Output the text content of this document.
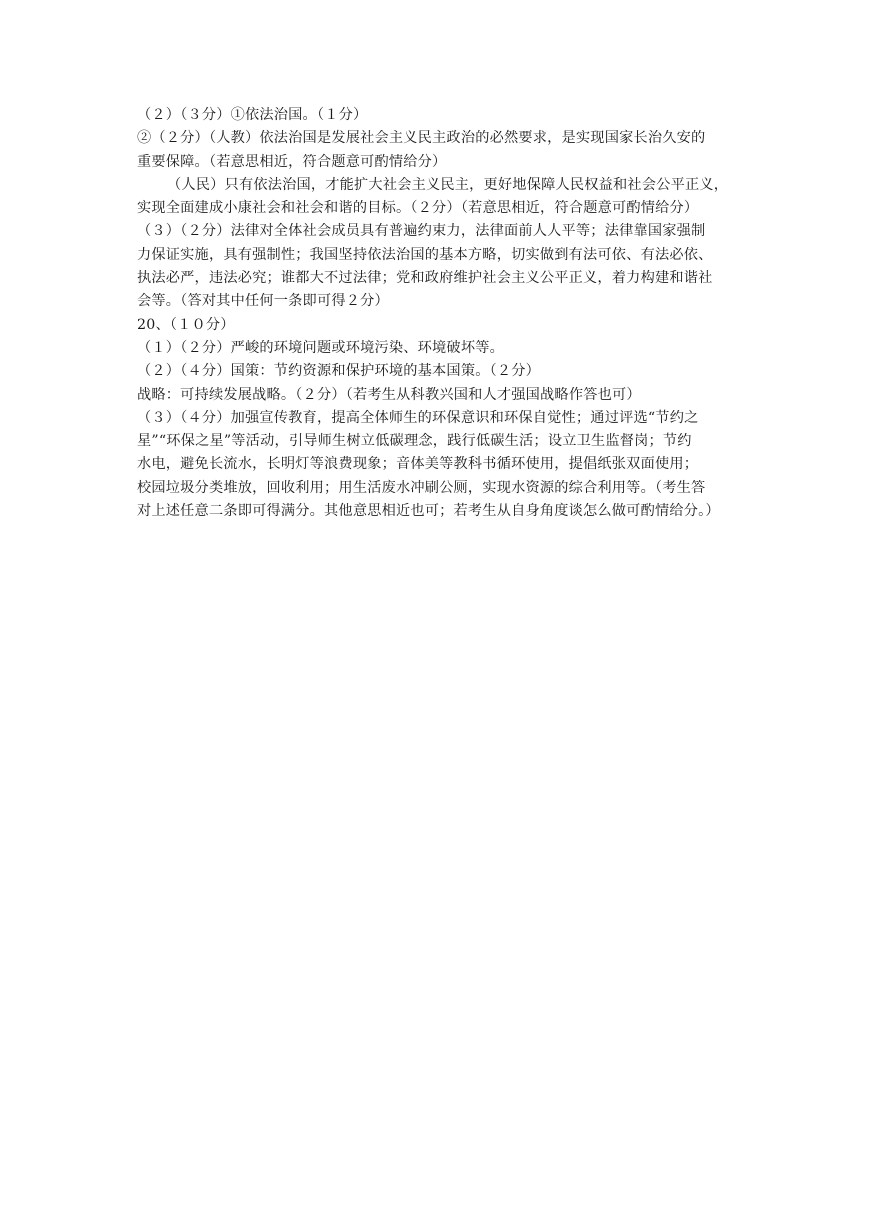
（２）（３分）①依法治国。（１分）
②（２分）（人教）依法治国是发展社会主义民主政治的必然要求，是实现国家长治久安的
重要保障。（若意思相近，符合题意可酌情给分）
（人民）只有依法治国，才能扩大社会主义民主，更好地保障人民权益和社会公平正义，
实现全面建成小康社会和社会和谐的目标。（２分）（若意思相近，符合题意可酌情给分）
（３）（２分）法律对全体社会成员具有普遍约束力，法律面前人人平等；法律靠国家强制
力保证实施，具有强制性；我国坚持依法治国的基本方略，切实做到有法可依、有法必依、
执法必严，违法必究；谁都大不过法律；党和政府维护社会主义公平正义，着力构建和谐社
会等。（答对其中任何一条即可得２分）
20、（１０分）
（１）（２分）严峻的环境问题或环境污染、环境破坏等。
（２）（４分）国策：节约资源和保护环境的基本国策。（２分）
战略：可持续发展战略。（２分）（若考生从科教兴国和人才强国战略作答也可）
（３）（４分）加强宣传教育，提高全体师生的环保意识和环保自觉性；通过评选“节约之
星”“环保之星”等活动，引导师生树立低碳理念，践行低碳生活；设立卫生监督岗；节约
水电，避免长流水，长明灯等浪费现象；音体美等教科书循环使用，提倡纸张双面使用；
校园垃圾分类堆放，回收利用；用生活废水冲刷公厕，实现水资源的综合利用等。（考生答
对上述任意二条即可得满分。其他意思相近也可；若考生从自身角度谈怎么做可酌情给分。）
